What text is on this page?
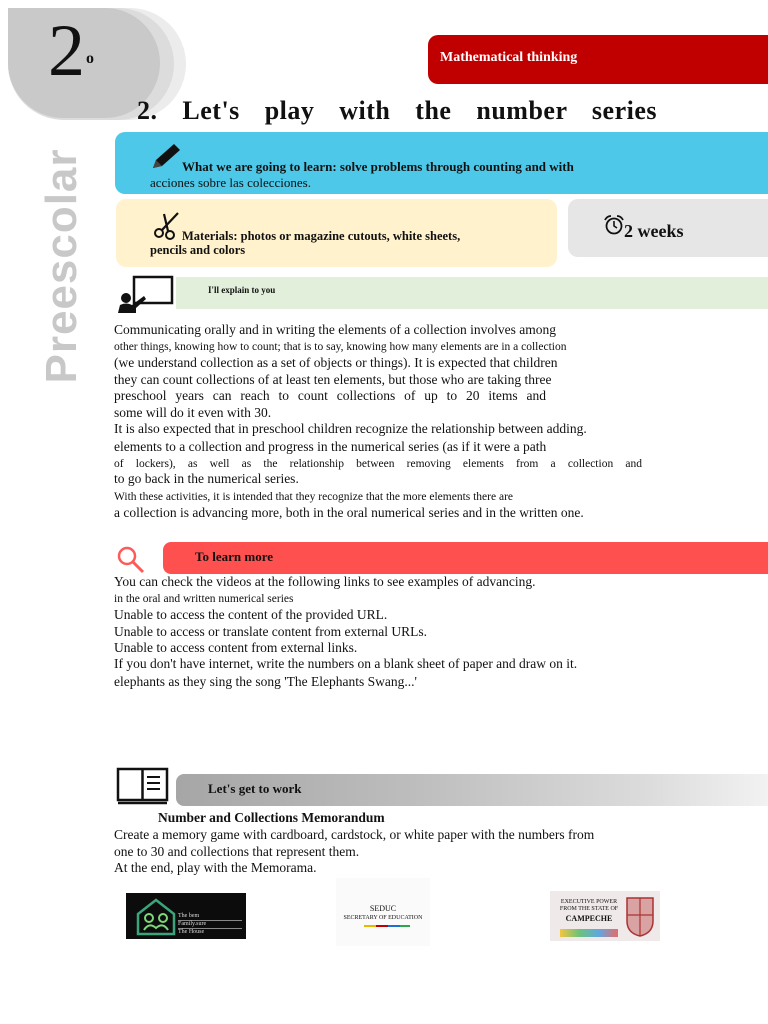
2 o
Preescolar
Mathematical thinking
2. Let's play with the number series
What we are going to learn: solve problems through counting and with
acciones sobre las colecciones.
Materials: photos or magazine cutouts, white sheets,
pencils and colors
2 weeks
I'll explain to you
Communicating orally and in writing the elements of a collection involves among
other things, knowing how to count; that is to say, knowing how many elements are in a collection
(we understand collection as a set of objects or things). It is expected that children
they can count collections of at least ten elements, but those who are taking three
preschool years can reach to count collections of up to 20 items and
some will do it even with 30.
It is also expected that in preschool children recognize the relationship between adding.
elements to a collection and progress in the numerical series (as if it were a path
of lockers), as well as the relationship between removing elements from a collection and
to go back in the numerical series.
With these activities, it is intended that they recognize that the more elements there are
a collection is advancing more, both in the oral numerical series and in the written one.
To learn more
You can check the videos at the following links to see examples of advancing.
in the oral and written numerical series
Unable to access the content of the provided URL.
Unable to access or translate content from external URLs.
Unable to access content from external links.
If you don't have internet, write the numbers on a blank sheet of paper and draw on it.
elephants as they sing the song 'The Elephants Swang...'
Let's get to work
Number and Collections Memorandum
Create a memory game with cardboard, cardstock, or white paper with the numbers from
one to 30 and collections that represent them.
At the end, play with the Memorama.
The bem
Family.sure
The House
SEDUC
SECRETARY OF EDUCATION
EXECUTIVE POWER
FROM THE STATE OF
CAMPECHE
